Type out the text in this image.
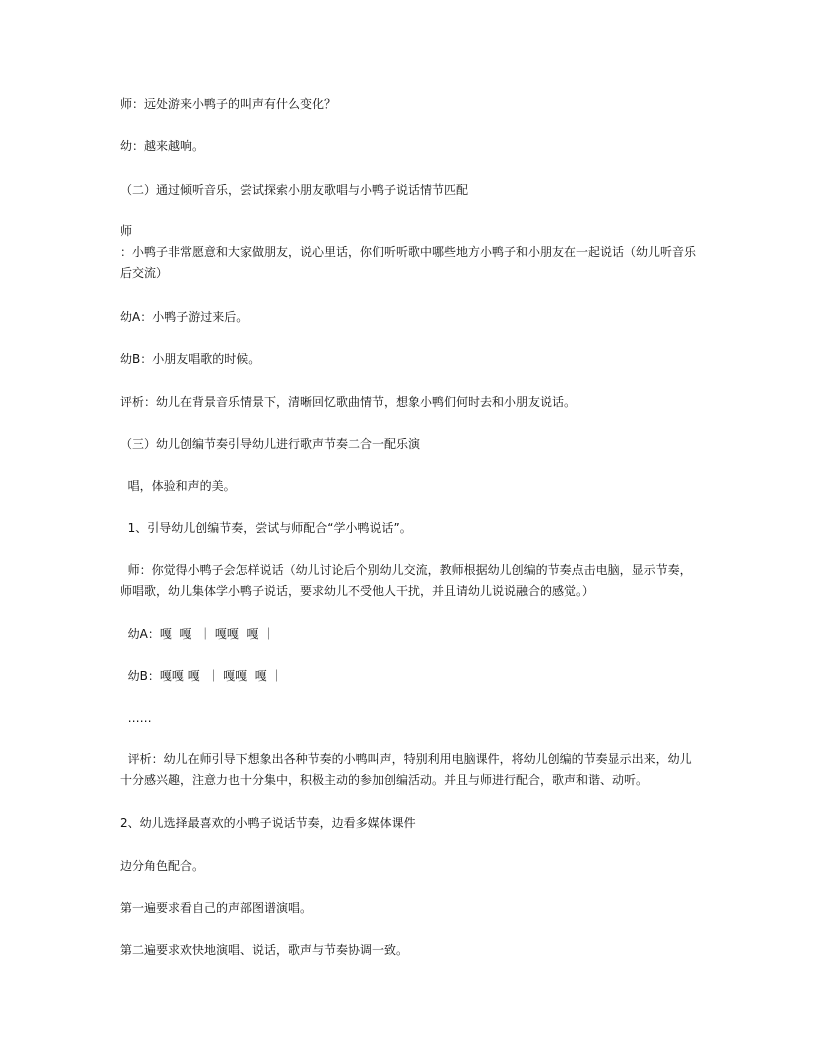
师：远处游来小鸭子的叫声有什么变化？

幼：越来越响。

（二）通过倾听音乐，尝试探索小朋友歌唱与小鸭子说话情节匹配

师

：小鸭子非常愿意和大家做朋友，说心里话，你们听听歌中哪些地方小鸭子和小朋友在一起说话（幼儿听音乐后交流）

幼A：小鸭子游过来后。

幼B：小朋友唱歌的时候。

评析：幼儿在背景音乐情景下，清晰回忆歌曲情节，想象小鸭们何时去和小朋友说话。

（三）幼儿创编节奏引导幼儿进行歌声节奏二合一配乐演

唱，体验和声的美。

1、引导幼儿创编节奏，尝试与师配合“学小鸭说话”。

师：你觉得小鸭子会怎样说话（幼儿讨论后个别幼儿交流，教师根据幼儿创编的节奏点击电脑，显示节奏，师唱歌，幼儿集体学小鸭子说话，要求幼儿不受他人干扰，并且请幼儿说说融合的感觉。）

幼A：嘎  嘎  ｜ 嘎嘎  嘎 ｜

幼B：嘎嘎 嘎  ｜ 嘎嘎  嘎 ｜

……

评析：幼儿在师引导下想象出各种节奏的小鸭叫声，特别利用电脑课件，将幼儿创编的节奏显示出来，幼儿十分感兴趣，注意力也十分集中，积极主动的参加创编活动。并且与师进行配合，歌声和谐、动听。

2、幼儿选择最喜欢的小鸭子说话节奏，边看多媒体课件

边分角色配合。

第一遍要求看自己的声部图谱演唱。

第二遍要求欢快地演唱、说话，歌声与节奏协调一致。
